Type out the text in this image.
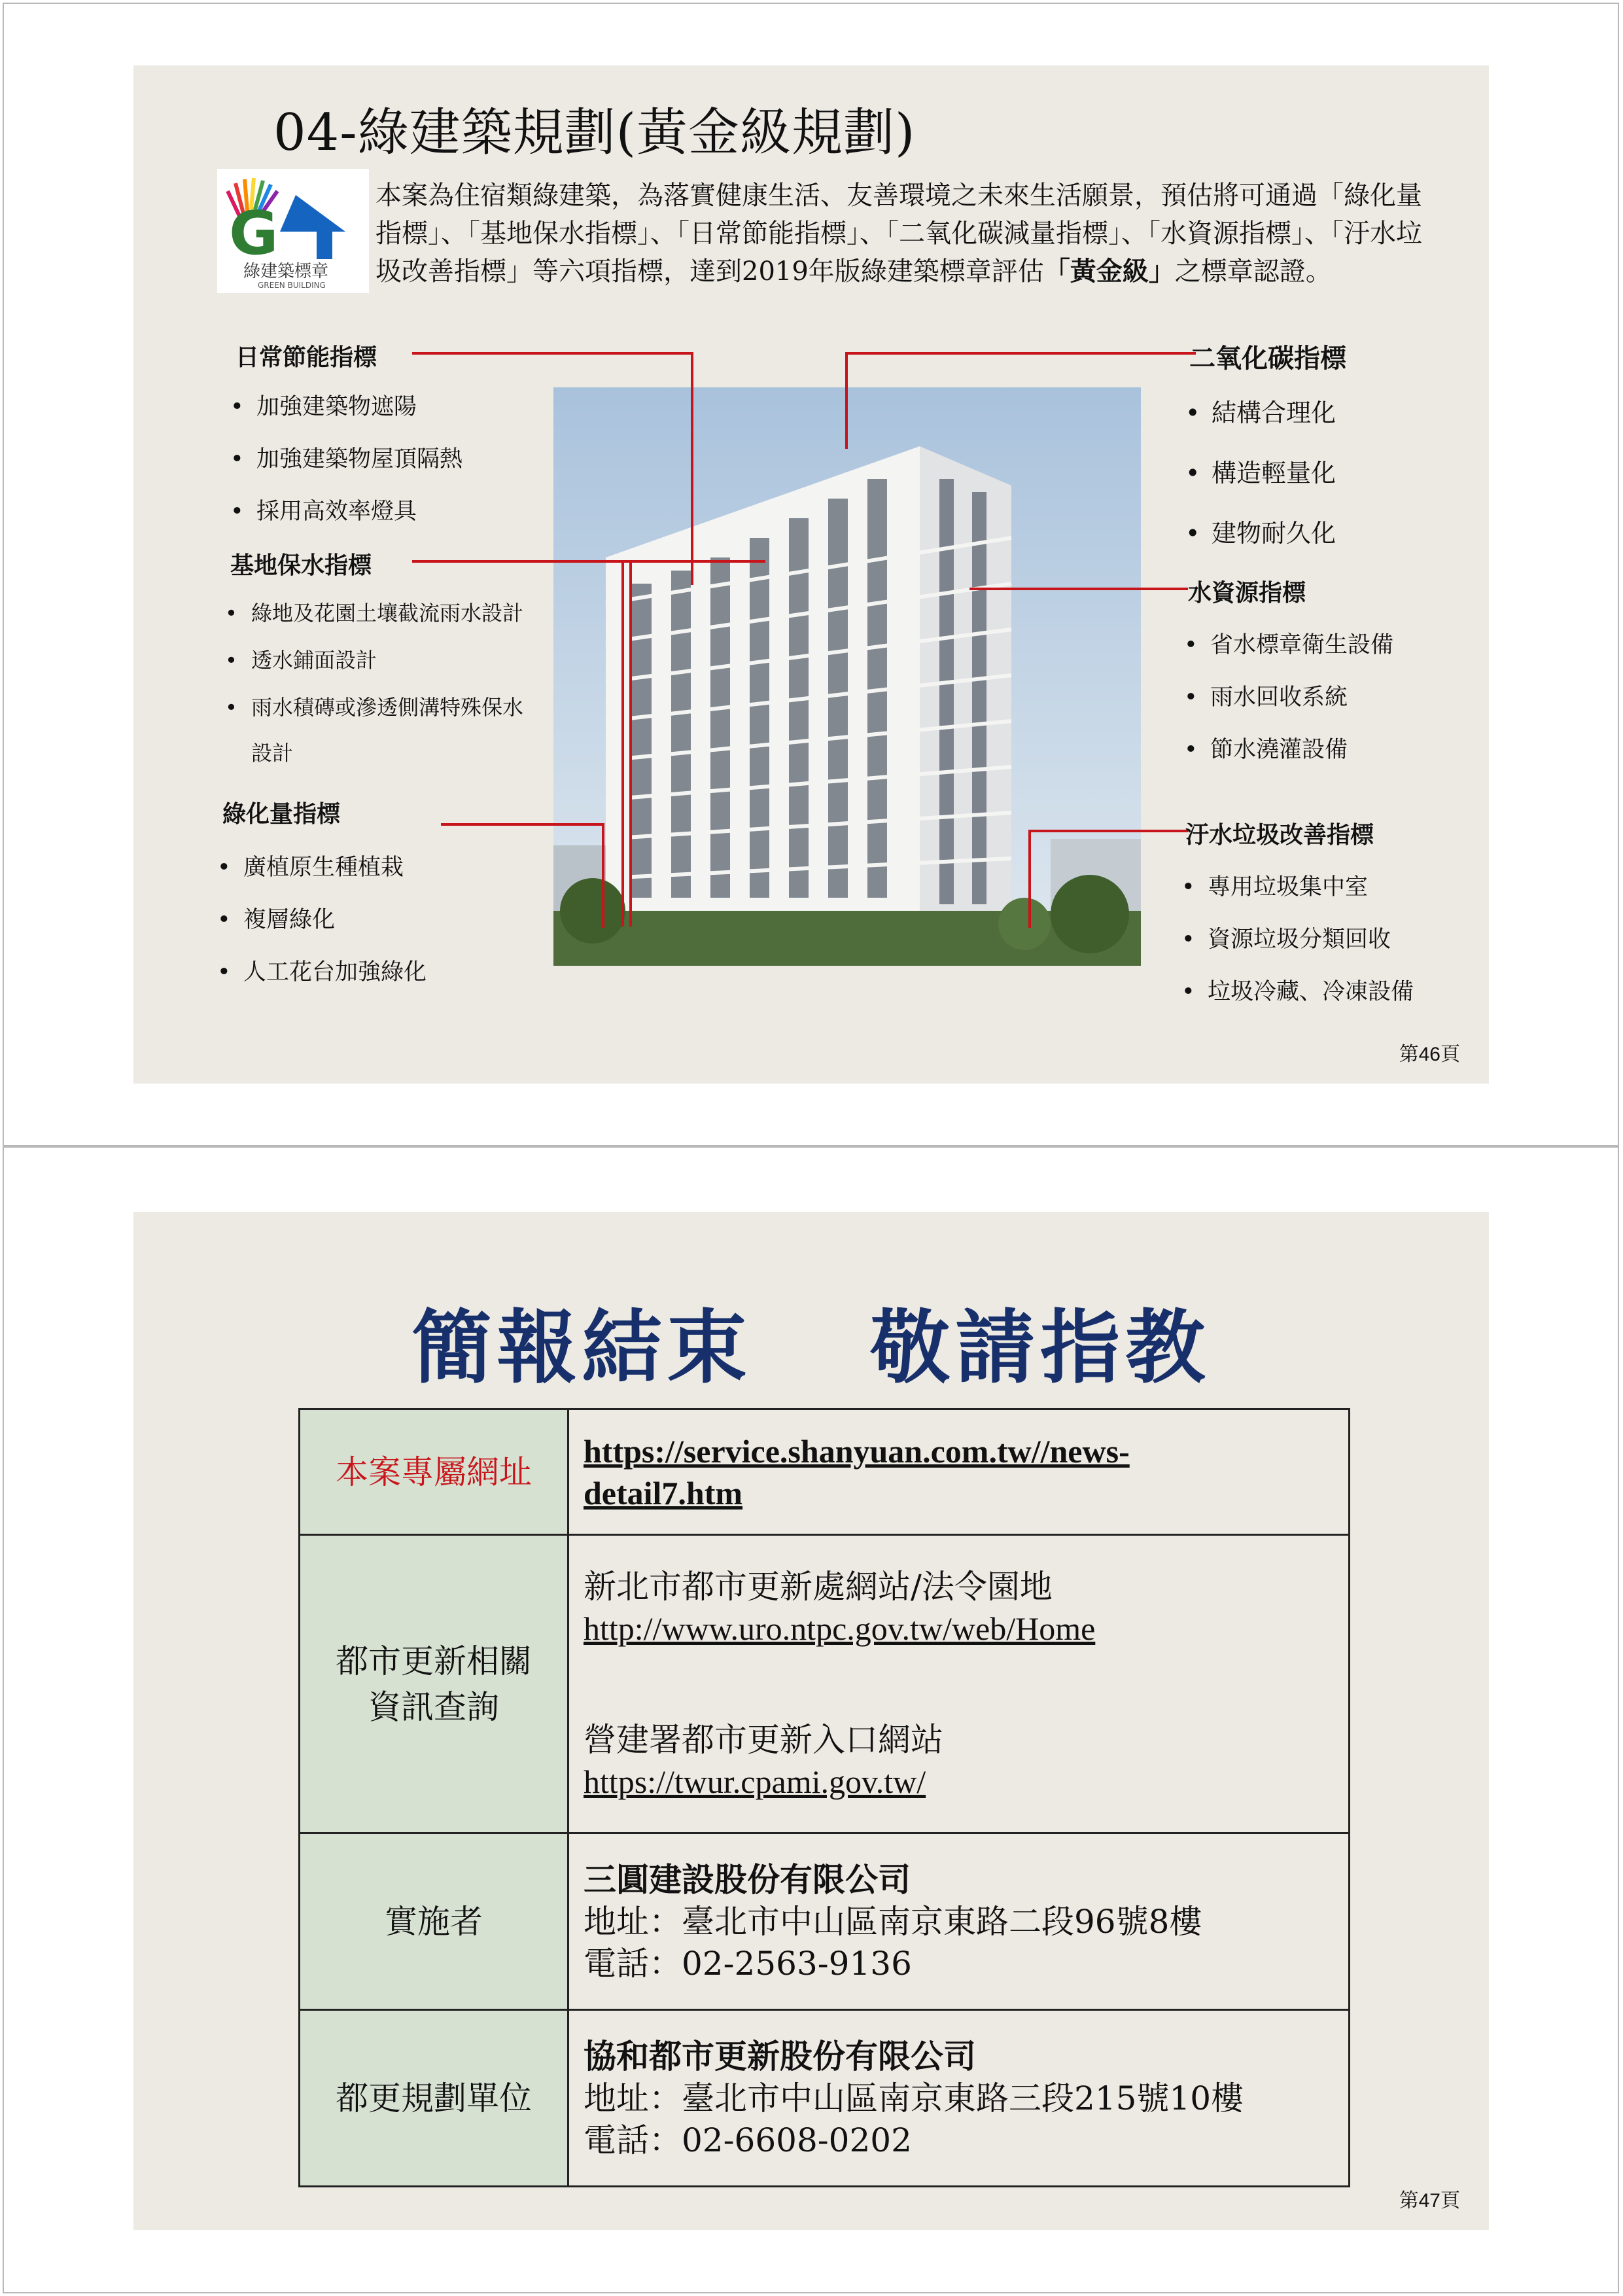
04-綠建築規劃(黃金級規劃)
G
綠建築標章
GREEN BUILDING
本案為住宿類綠建築，為落實健康生活、友善環境之未來生活願景，預估將可通過「綠化量指標」、「基地保水指標」、「日常節能指標」、「二氧化碳減量指標」、「水資源指標」、「汙水垃圾改善指標」等六項指標，達到2019年版綠建築標章評估「黃金級」之標章認證。
日常節能指標
• 加強建築物遮陽
• 加強建築物屋頂隔熱
• 採用高效率燈具
基地保水指標
• 綠地及花園土壤截流雨水設計
• 透水鋪面設計
• 雨水積磚或滲透側溝特殊保水
設計
綠化量指標
• 廣植原生種植栽
• 複層綠化
• 人工花台加強綠化
二氧化碳指標
• 結構合理化
• 構造輕量化
• 建物耐久化
水資源指標
• 省水標章衛生設備
• 雨水回收系統
• 節水澆灌設備
汙水垃圾改善指標
• 專用垃圾集中室
• 資源垃圾分類回收
• 垃圾冷藏、冷凍設備
第46頁
簡報結束　 敬請指教
本案專屬網址	https://service.shanyuan.com.tw//news-
detail7.htm

都市更新相關
資訊查詢	新北市都市更新處網站/法令園地
http://www.uro.ntpc.gov.tw/web/Home
營建署都市更新入口網站
https://twur.cpami.gov.tw/

實施者	三圓建設股份有限公司
地址：臺北市中山區南京東路二段96號8樓
電話：02-2563-9136

都更規劃單位	協和都市更新股份有限公司
地址：臺北市中山區南京東路三段215號10樓
電話：02-6608-0202
第47頁
